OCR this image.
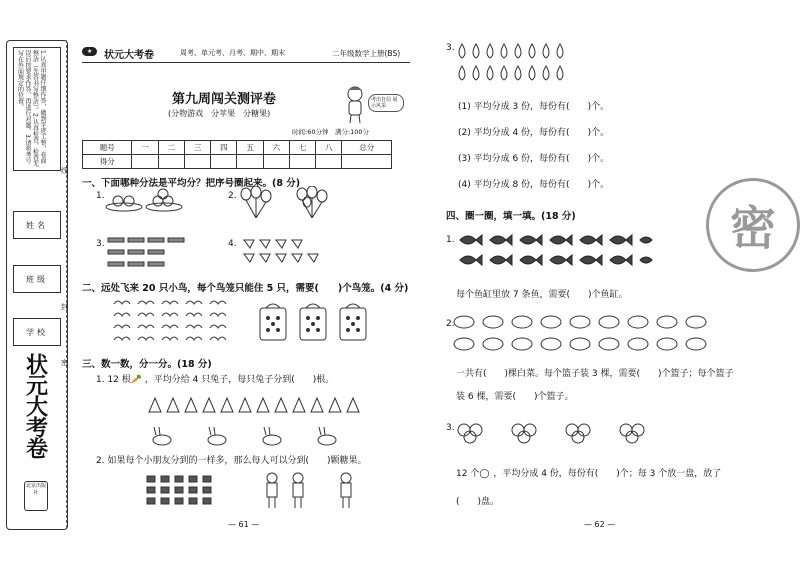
1.认真审题仔细作答，做到字迹工整，卷面整洁（先答书写整洁）。2.认真检查，检查无误后按要求作答，再进行对题。3.请将考号写在外面规定的位置。
姓名
班级
学校
状元大考卷
北京出版社
线
封
密
★	状元大考卷	周考、单元考、月考、期中、期末	二年级数学上册(BS)
第九周闯关测评卷
(分物游戏　分苹果　分糖果)
考出自信 展示风采
时间:60分钟　满分:100分
题号	一	二	三	四	五	六	七	八	总分
得分									
一、下面哪种分法是平均分？把序号圈起来。(8 分)
1.	2.
3.	4.
二、远处飞来 20 只小鸟，每个鸟笼只能住 5 只，需要(　　)个鸟笼。(4 分)
三、数一数，分一分。(18 分)
1. 12 根🥕 ，平均分给 4 只兔子，每只兔子分到(　　)根。
2. 如果每个小朋友分到的一样多，那么每人可以分到(　　)颗糖果。
— 61 —
3.
(1) 平均分成 3 份，每份有(　　)个。
(2) 平均分成 4 份，每份有(　　)个。
(3) 平均分成 6 份，每份有(　　)个。
(4) 平均分成 8 份，每份有(　　)个。
四、圈一圈，填一填。(18 分)
1.
每个鱼缸里放 7 条鱼，需要(　　)个鱼缸。
2.
一共有(　　)棵白菜。每个篮子装 3 棵，需要(　　)个篮子；每个篮子
装 6 棵，需要(　　)个篮子。
3.
12 个◯ ，平均分成 4 份，每份有(　　)个；每 3 个放一盘，放了
(　　)盘。
— 62 —
密
